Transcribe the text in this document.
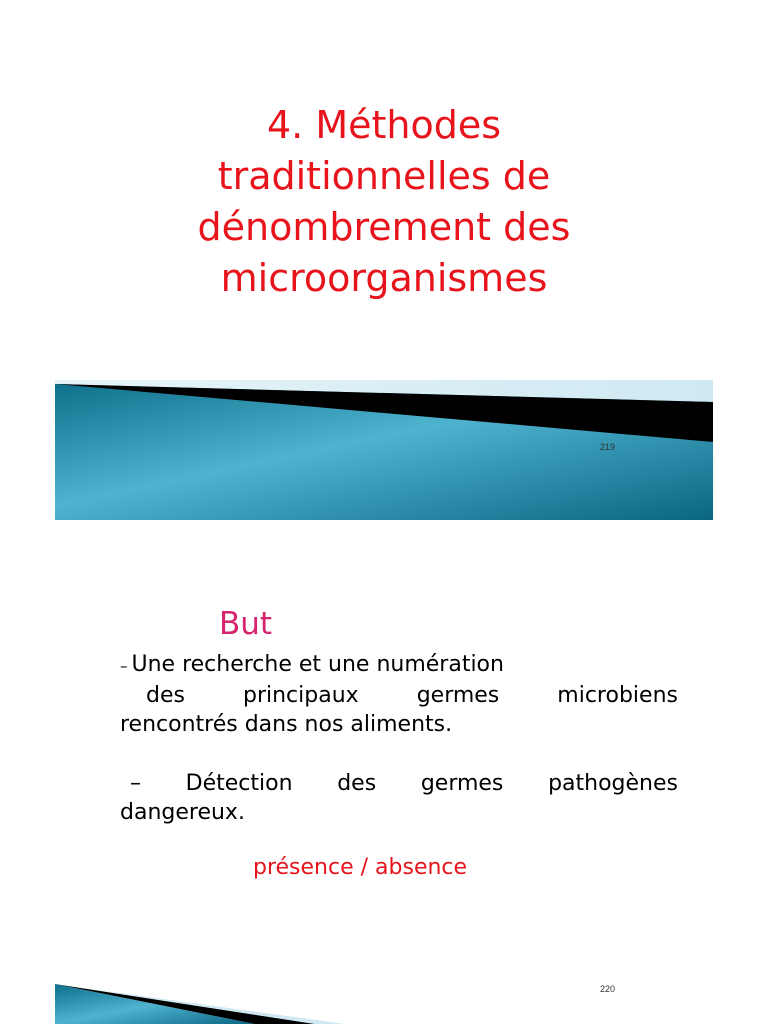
4. Méthodes
traditionnelles de
dénombrement des
microorganismes
219
But
– Une recherche et une numération
des	principaux	germes	microbiens
rencontrés dans nos aliments.
– Détection des germes pathogènes
dangereux.
présence / absence
220
